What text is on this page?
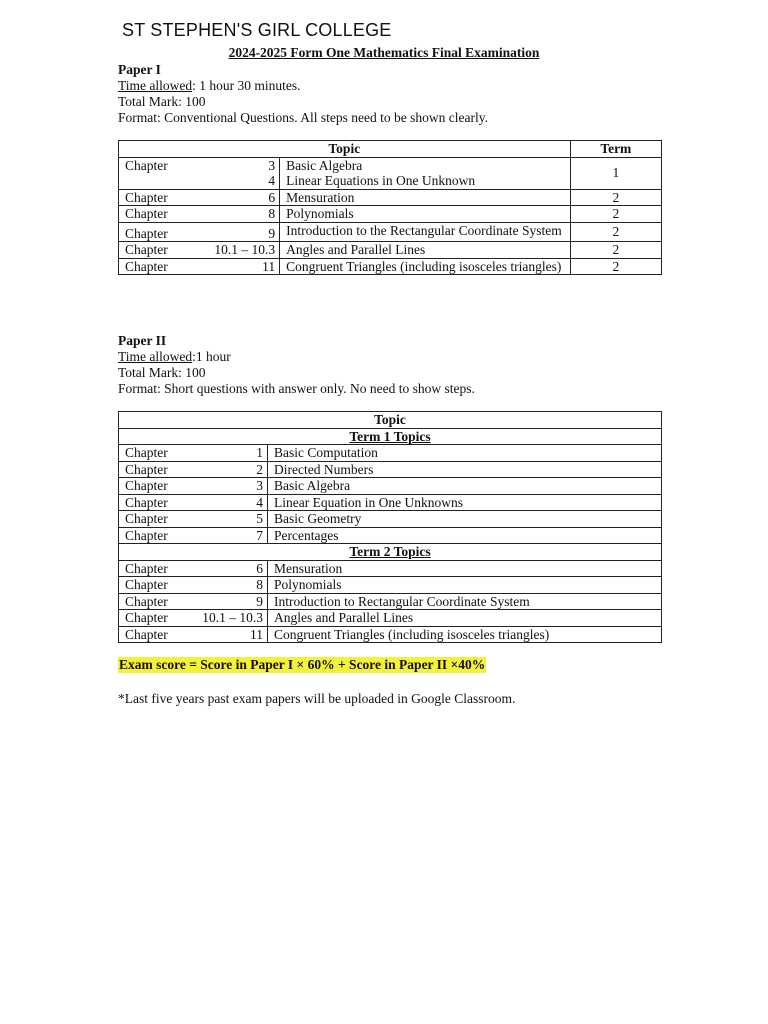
ST STEPHEN'S GIRL COLLEGE
2024-2025 Form One Mathematics Final Examination
Paper I
Time allowed: 1 hour 30 minutes.
Total Mark: 100
Format: Conventional Questions. All steps need to be shown clearly.
Topic			Term
Chapter	3	Basic Algebra	1
	4	Linear Equations in One Unknown	
Chapter	6	Mensuration	2
Chapter	8	Polynomials	2
Chapter	9	Introduction to the Rectangular Coordinate System	2
Chapter	10.1 – 10.3	Angles and Parallel Lines	2
Chapter	11	Congruent Triangles (including isosceles triangles)	2
Paper II
Time allowed:1 hour
Total Mark: 100
Format: Short questions with answer only. No need to show steps.
Topic		
Term 1 Topics		
Chapter	1	Basic Computation
Chapter	2	Directed Numbers
Chapter	3	Basic Algebra
Chapter	4	Linear Equation in One Unknowns
Chapter	5	Basic Geometry
Chapter	7	Percentages
Term 2 Topics		
Chapter	6	Mensuration
Chapter	8	Polynomials
Chapter	9	Introduction to Rectangular Coordinate System
Chapter	10.1 – 10.3	Angles and Parallel Lines
Chapter	11	Congruent Triangles (including isosceles triangles)
Exam score = Score in Paper I × 60% + Score in Paper II ×40%
*Last five years past exam papers will be uploaded in Google Classroom.
